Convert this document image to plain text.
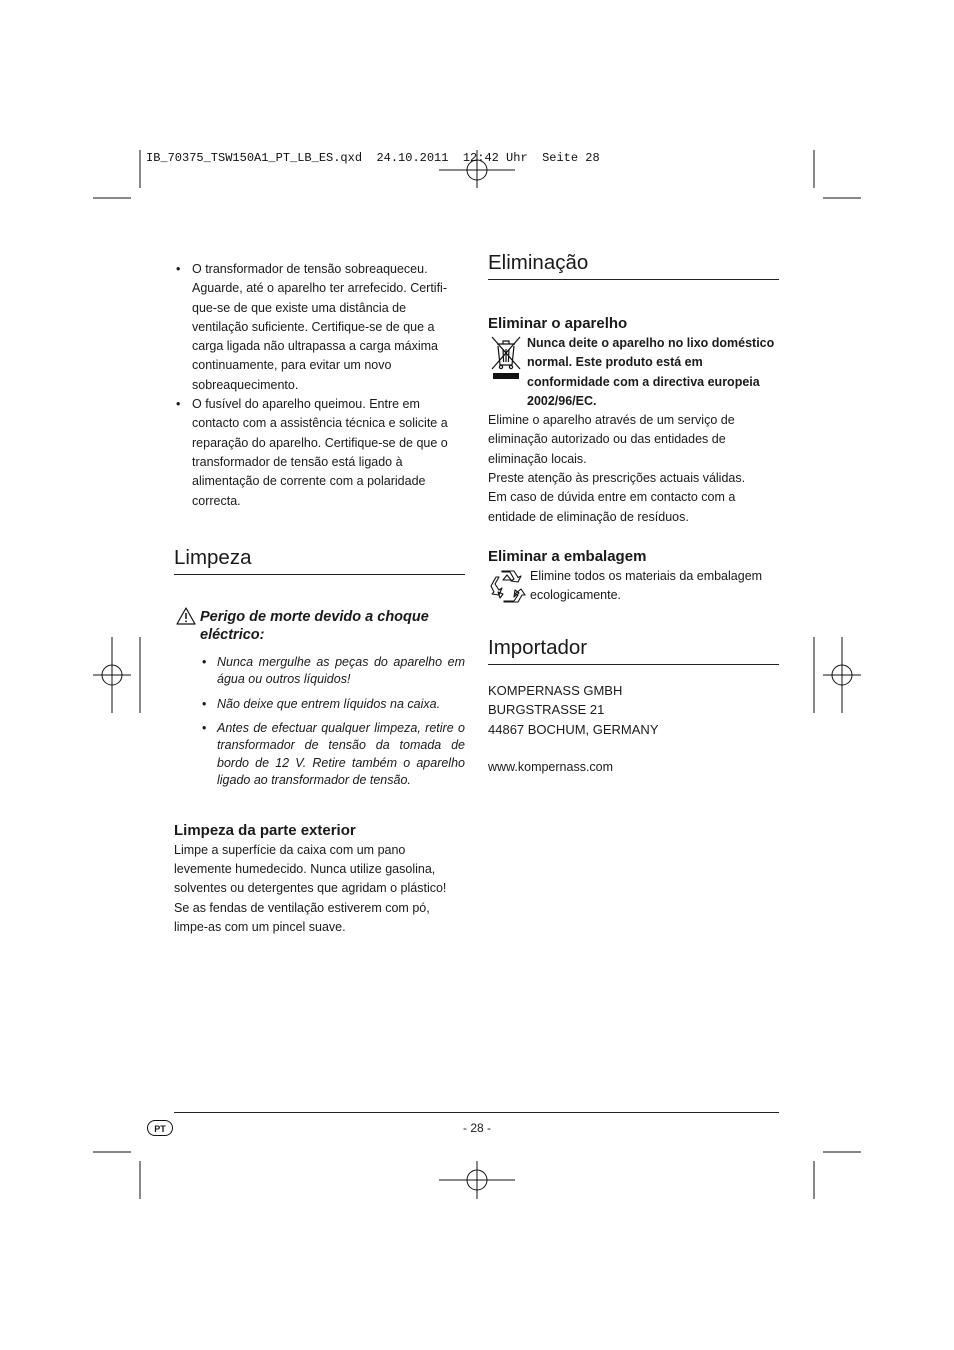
IB_70375_TSW150A1_PT_LB_ES.qxd  24.10.2011  12:42 Uhr  Seite 28
• O transformador de tensão sobreaqueceu. Aguarde, até o aparelho ter arrefecido. Certifi-que-se de que existe uma distância de ventilação suficiente. Certifique-se de que a carga ligada não ultrapassa a carga máxima continuamente, para evitar um novo sobreaquecimento.
• O fusível do aparelho queimou. Entre em contacto com a assistência técnica e solicite a reparação do aparelho. Certifique-se de que o transformador de tensão está ligado à alimentação de corrente com a polaridade correcta.
Limpeza
Perigo de morte devido a choque eléctrico:
• Nunca mergulhe as peças do aparelho em água ou outros líquidos!
• Não deixe que entrem líquidos na caixa.
• Antes de efectuar qualquer limpeza, retire o transformador de tensão da tomada de bordo de 12 V. Retire também o aparelho ligado ao transformador de tensão.
Limpeza da parte exterior
Limpe a superfície da caixa com um pano levemente humedecido. Nunca utilize gasolina, solventes ou detergentes que agridam o plástico!
Se as fendas de ventilação estiverem com pó, limpe-as com um pincel suave.
Eliminação
Eliminar o aparelho
Nunca deite o aparelho no lixo doméstico normal. Este produto está em conformidade com a directiva europeia 2002/96/EC.
Elimine o aparelho através de um serviço de eliminação autorizado ou das entidades de eliminação locais.
Preste atenção às prescrições actuais válidas.
Em caso de dúvida entre em contacto com a entidade de eliminação de resíduos.
Eliminar a embalagem
Elimine todos os materiais da embalagem ecologicamente.
Importador
KOMPERNASS GMBH
BURGSTRASSE 21
44867 BOCHUM, GERMANY
www.kompernass.com
PT	- 28 -
